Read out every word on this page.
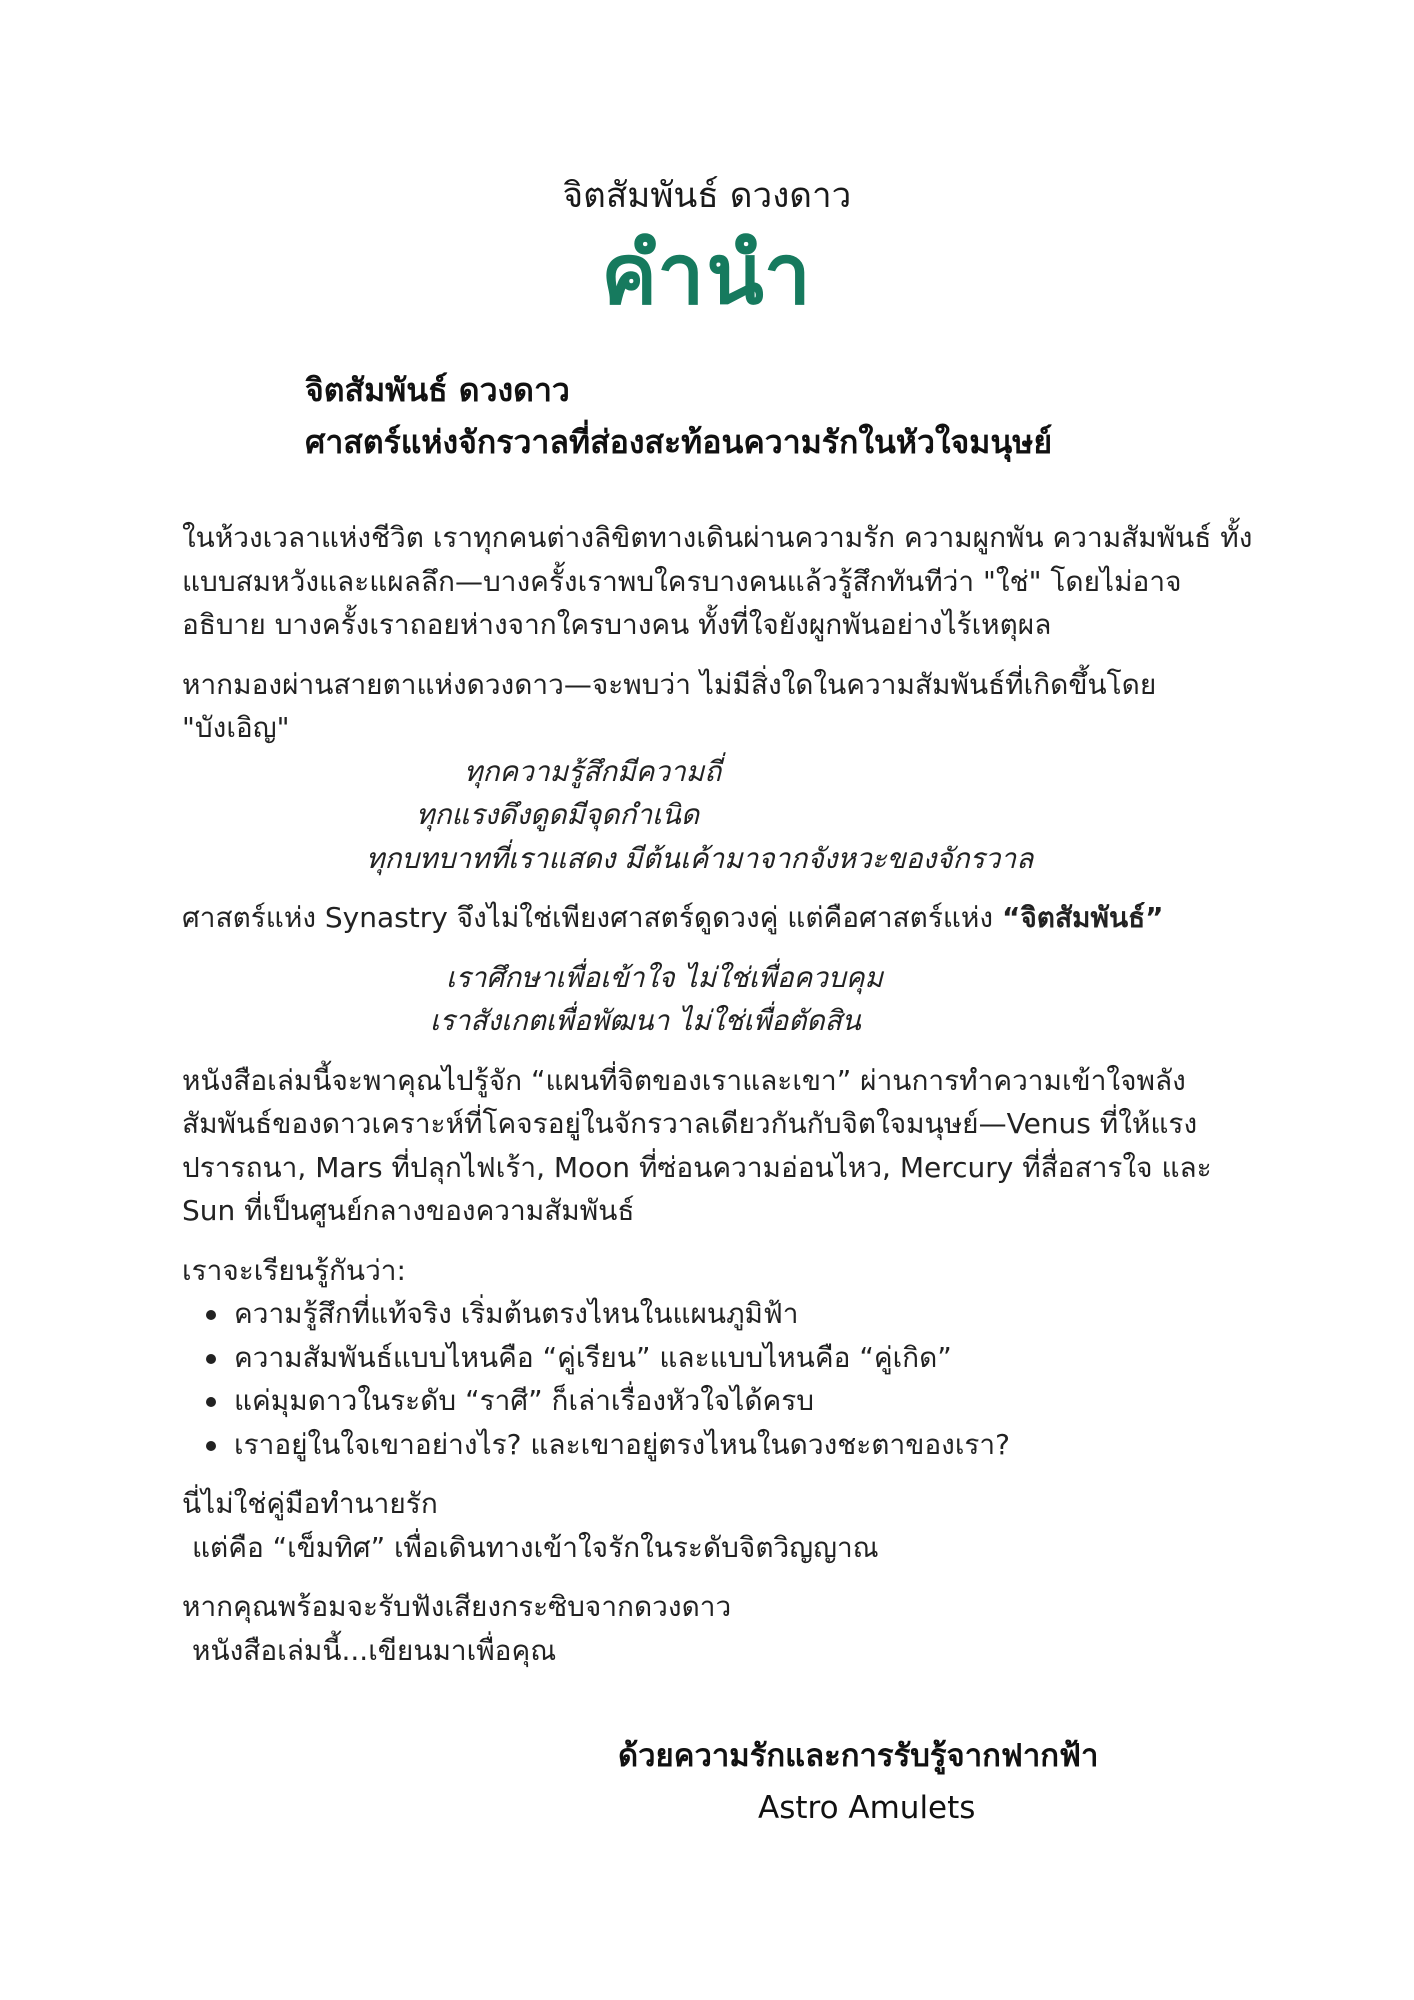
จิตสัมพันธ์ ดวงดาว
คำนำ
จิตสัมพันธ์ ดวงดาว
ศาสตร์แห่งจักรวาลที่ส่องสะท้อนความรักในหัวใจมนุษย์

ในห้วงเวลาแห่งชีวิต เราทุกคนต่างลิขิตทางเดินผ่านความรัก ความผูกพัน ความสัมพันธ์ ทั้งแบบสมหวังและแผลลึก—บางครั้งเราพบใครบางคนแล้วรู้สึกทันทีว่า "ใช่" โดยไม่อาจอธิบาย บางครั้งเราถอยห่างจากใครบางคน ทั้งที่ใจยังผูกพันอย่างไร้เหตุผล

หากมองผ่านสายตาแห่งดวงดาว—จะพบว่า ไม่มีสิ่งใดในความสัมพันธ์ที่เกิดขึ้นโดย "บังเอิญ"

ทุกความรู้สึกมีความถี่
ทุกแรงดึงดูดมีจุดกำเนิด
ทุกบทบาทที่เราแสดง มีต้นเค้ามาจากจังหวะของจักรวาล

ศาสตร์แห่ง Synastry จึงไม่ใช่เพียงศาสตร์ดูดวงคู่ แต่คือศาสตร์แห่ง “จิตสัมพันธ์”

เราศึกษาเพื่อเข้าใจ ไม่ใช่เพื่อควบคุม
เราสังเกตเพื่อพัฒนา ไม่ใช่เพื่อตัดสิน

หนังสือเล่มนี้จะพาคุณไปรู้จัก “แผนที่จิตของเราและเขา” ผ่านการทำความเข้าใจพลังสัมพันธ์ของดาวเคราะห์ที่โคจรอยู่ในจักรวาลเดียวกันกับจิตใจมนุษย์—Venus ที่ให้แรงปรารถนา, Mars ที่ปลุกไฟเร้า, Moon ที่ซ่อนความอ่อนไหว, Mercury ที่สื่อสารใจ และ Sun ที่เป็นศูนย์กลางของความสัมพันธ์

เราจะเรียนรู้กันว่า:

ความรู้สึกที่แท้จริง เริ่มต้นตรงไหนในแผนภูมิฟ้า
ความสัมพันธ์แบบไหนคือ “คู่เรียน” และแบบไหนคือ “คู่เกิด”
แค่มุมดาวในระดับ “ราศี” ก็เล่าเรื่องหัวใจได้ครบ
เราอยู่ในใจเขาอย่างไร? และเขาอยู่ตรงไหนในดวงชะตาของเรา?
นี่ไม่ใช่คู่มือทำนายรัก
แต่คือ “เข็มทิศ” เพื่อเดินทางเข้าใจรักในระดับจิตวิญญาณ
หากคุณพร้อมจะรับฟังเสียงกระซิบจากดวงดาว
หนังสือเล่มนี้...เขียนมาเพื่อคุณ
ด้วยความรักและการรับรู้จากฟากฟ้า
Astro Amulets
